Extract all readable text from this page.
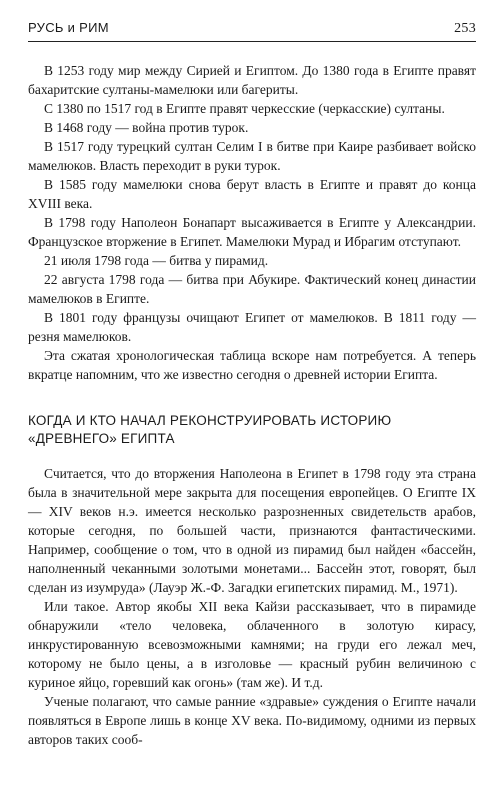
РУСЬ и РИМ	253

В 1253 году мир между Сирией и Египтом. До 1380 года в Египте правят бахаритские султаны-мамелюки или багериты.

С 1380 по 1517 год в Египте правят черкесские (черкасские) султаны.

В 1468 году — война против турок.

В 1517 году турецкий султан Селим I в битве при Каире разбивает войско мамелюков. Власть переходит в руки турок.

В 1585 году мамелюки снова берут власть в Египте и правят до конца XVIII века.

В 1798 году Наполеон Бонапарт высаживается в Египте у Александрии. Французское вторжение в Египет. Мамелюки Мурад и Ибрагим отступают.

21 июля 1798 года — битва у пирамид.

22 августа 1798 года — битва при Абукире. Фактический конец династии мамелюков в Египте.

В 1801 году французы очищают Египет от мамелюков. В 1811 году — резня мамелюков.

Эта сжатая хронологическая таблица вскоре нам потребуется. А теперь вкратце напомним, что же известно сегодня о древней истории Египта.

КОГДА И КТО НАЧАЛ РЕКОНСТРУИРОВАТЬ ИСТОРИЮ
«ДРЕВНЕГО» ЕГИПТА

Считается, что до вторжения Наполеона в Египет в 1798 году эта страна была в значительной мере закрыта для посещения европейцев. О Египте IX — XIV веков н.э. имеется несколько разрозненных свидетельств арабов, которые сегодня, по большей части, признаются фантастическими. Например, сообщение о том, что в одной из пирамид был найден «бассейн, наполненный чеканными золотыми монетами... Бассейн этот, говорят, был сделан из изумруда» (Лауэр Ж.-Ф. Загадки египетских пирамид. М., 1971).

Или такое. Автор якобы XII века Кайзи рассказывает, что в пирамиде обнаружили «тело человека, облаченного в золотую кирасу, инкрустированную всевозможными камнями; на груди его лежал меч, которому не было цены, а в изголовье — красный рубин величиною с куриное яйцо, горевший как огонь» (там же). И т.д.

Ученые полагают, что самые ранние «здравые» суждения о Египте начали появляться в Европе лишь в конце XV века. По-видимому, одними из первых авторов таких сооб-
